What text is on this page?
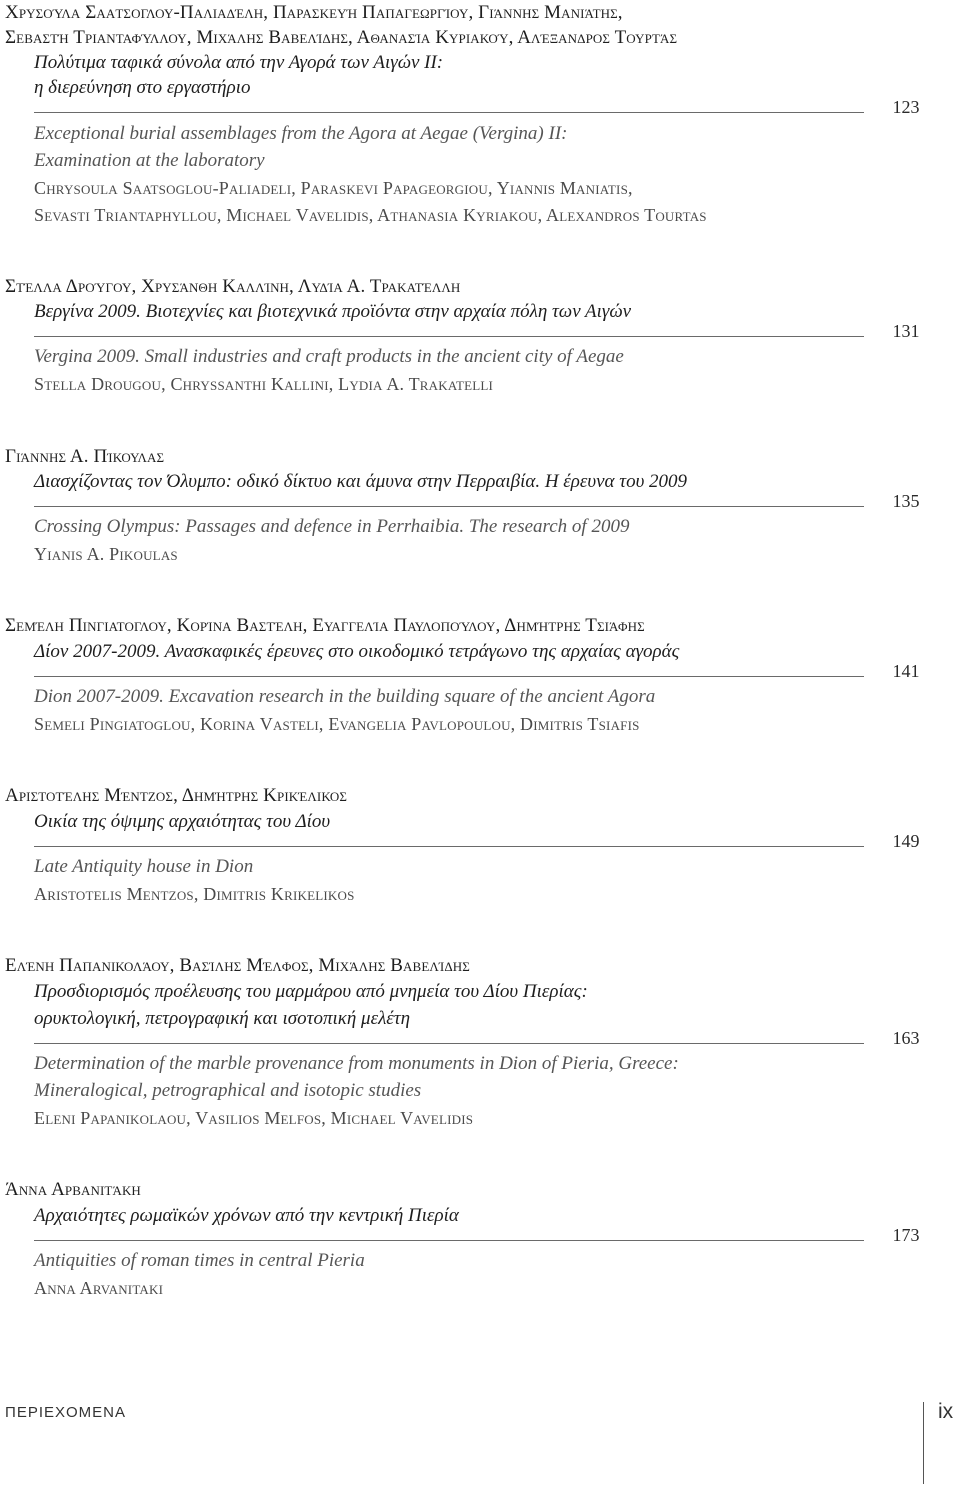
Χρυσούλα Σααtσογλου-Παλιαδέλη, Παρασκευή Παπαγεωργίου, Γιάννης Μανιάτης,
Σεβαστή Τριανταφύλλου, Μιχάλης Βαβελίδης, Αθανασία Κυριακού, Αλέξανδρος Τουρτάς
Πολύτιμα ταφικά σύνολα από την Αγορά των Αιγών ΙΙ:
η διερεύνηση στο εργαστήριο
123
Exceptional burial assemblages from the Agora at Aegae (Vergina) II:
Examination at the laboratory
Chrysoula Saatsoglou-Paliadeli, Paraskevi Papageorgiou, Yiannis Maniatis,
Sevasti Triantaphyllou, Michael Vavelidis, Athanasia Kyriakou, Alexandros Tourtas
Στέλλα Δρούγου, Χρυσάνθη Καλλίνη, Λυδία Α. Τρακατέλλη
Βεργίνα 2009. Βιοτεχνίες και βιοτεχνικά προϊόντα στην αρχαία πόλη των Αιγών
131
Vergina 2009. Small industries and craft products in the ancient city of Aegae
Stella Drougou, Chryssanthi Kallini, Lydia A. Trakatelli
Γιάννης Α. Πίκουλας
Διασχίζοντας τον Όλυμπο: οδικό δίκτυο και άμυνα στην Περραιβία. Η έρευνα του 2009
135
Crossing Olympus: Passages and defence in Perrhaibia. The research of 2009
Yianis A. Pikoulas
Σεμέλη Πινγιατογλου, Κορίνα Βαστέλη, Ευαγγελία Παυλοπούλου, Δημήτρης Τσιάφης
Δίον 2007-2009. Ανασκαφικές έρευνες στο οικοδομικό τετράγωνο της αρχαίας αγοράς
141
Dion 2007-2009. Excavation research in the building square of the ancient Agora
Semeli Pingiatoglou, Korina Vasteli, Evangelia Pavlopoulou, Dimitris Tsiafis
Αριστοτέλης Μέντζος, Δημήτρης Κρικέλικος
Οικία της όψιμης αρχαιότητας του Δίου
149
Late Antiquity house in Dion
Aristotelis Mentzos, Dimitris Krikelikos
Ελένη Παπανικολάου, Βασίλης Μέλφος, Μιχάλης Βαβελίδης
Προσδιορισμός προέλευσης του μαρμάρου από μνημεία του Δίου Πιερίας:
ορυκτολογική, πετρογραφική και ισοτοπική μελέτη
163
Determination of the marble provenance from monuments in Dion of Pieria, Greece:
Mineralogical, petrographical and isotopic studies
Eleni Papanikolaou, Vasilios Melfos, Michael Vavelidis
Άννα Αρβανιτάκη
Αρχαιότητες ρωμαϊκών χρόνων από την κεντρική Πιερία
173
Antiquities of roman times in central Pieria
Anna Arvanitaki
ΠΕΡΙΕΧΟΜΕΝΑ	ix
